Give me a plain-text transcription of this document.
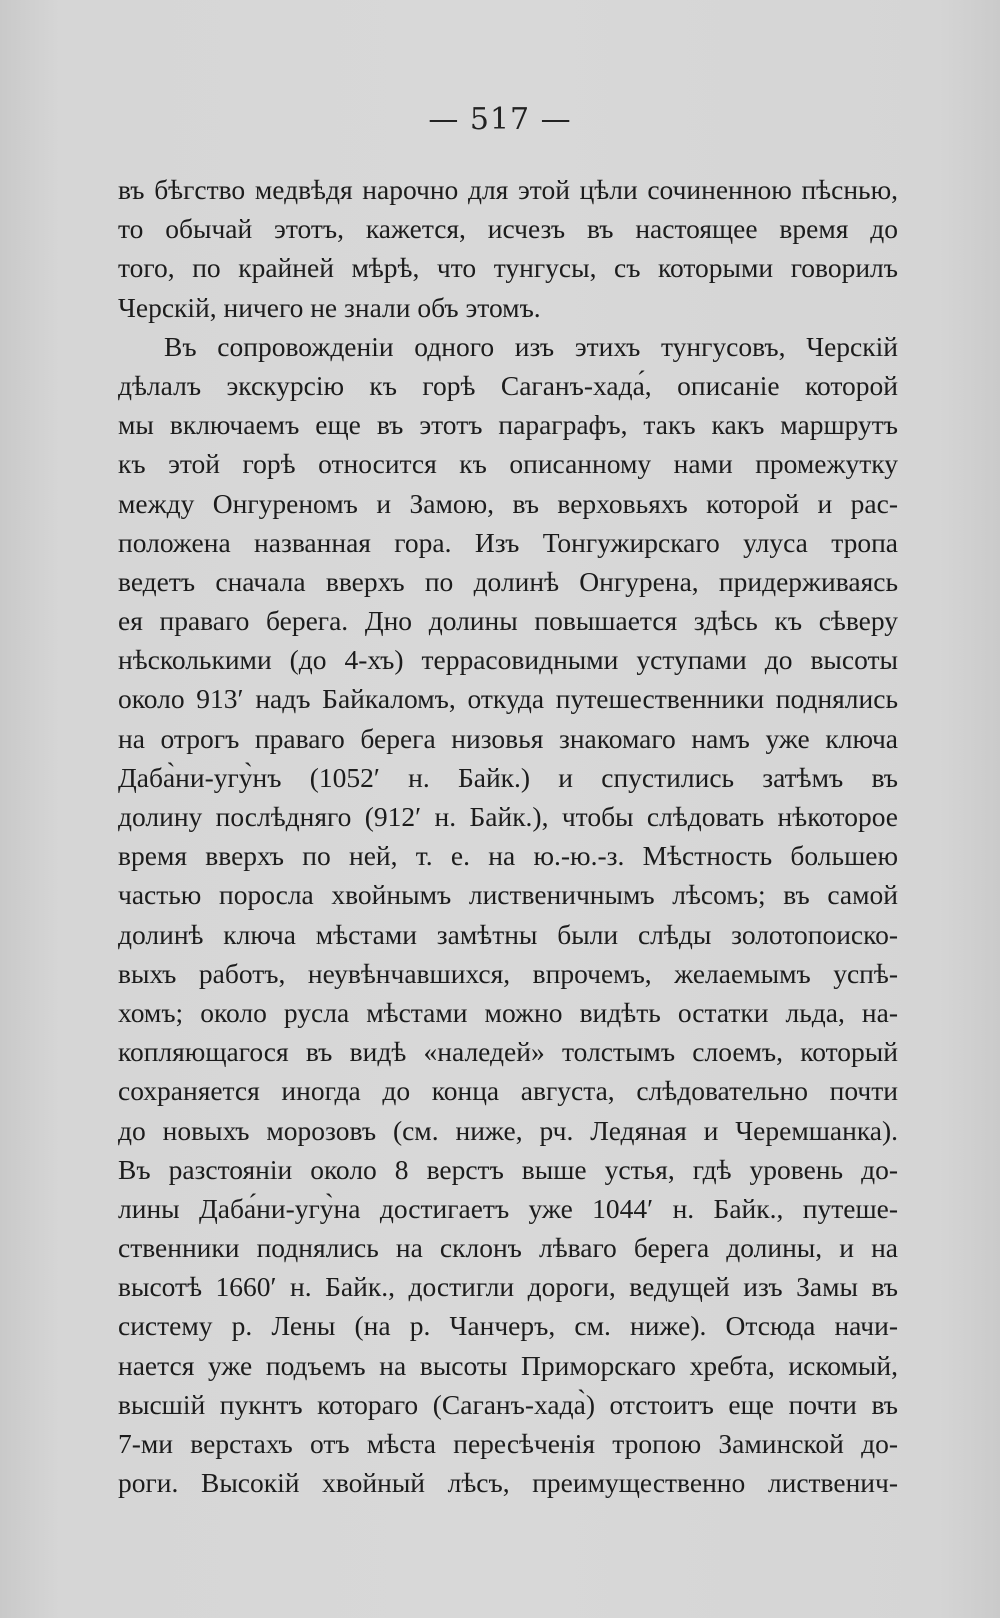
— 517 —
въ бѣгство медвѣдя нарочно для этой цѣли сочиненною пѣснью,
то обычай этотъ, кажется, исчезъ въ настоящее время до
того, по крайней мѣрѣ, что тунгусы, съ которыми говорилъ
Черскій, ничего не знали объ этомъ.
Въ сопровожденіи одного изъ этихъ тунгусовъ, Черскій
дѣлалъ экскурсію къ горѣ Саганъ-хада́, описаніе которой
мы включаемъ еще въ этотъ параграфъ, такъ какъ маршрутъ
къ этой горѣ относится къ описанному нами промежутку
между Онгуреномъ и Замою, въ верховьяхъ которой и рас-
положена названная гора. Изъ Тонгужирскаго улуса тропа
ведетъ сначала вверхъ по долинѣ Онгурена, придерживаясь
ея праваго берега. Дно долины повышается здѣсь къ сѣверу
нѣсколькими (до 4-хъ) террасовидными уступами до высоты
около 913′ надъ Байкаломъ, откуда путешественники поднялись
на отрогъ праваго берега низовья знакомаго намъ уже ключа
Даба̀ни-угу̀нъ (1052′ н. Байк.) и спустились затѣмъ въ
долину послѣдняго (912′ н. Байк.), чтобы слѣдовать нѣкоторое
время вверхъ по ней, т. е. на ю.-ю.-з. Мѣстность большею
частью поросла хвойнымъ лиственичнымъ лѣсомъ; въ самой
долинѣ ключа мѣстами замѣтны были слѣды золотопоиско-
выхъ работъ, неувѣнчавшихся, впрочемъ, желаемымъ успѣ-
хомъ; около русла мѣстами можно видѣть остатки льда, на-
копляющагося въ видѣ «наледей» толстымъ слоемъ, который
сохраняется иногда до конца августа, слѣдовательно почти
до новыхъ морозовъ (см. ниже, рч. Ледяная и Черемшанка).
Въ разстояніи около 8 верстъ выше устья, гдѣ уровень до-
лины Даба́ни-угу̀на достигаетъ уже 1044′ н. Байк., путеше-
ственники поднялись на склонъ лѣваго берега долины, и на
высотѣ 1660′ н. Байк., достигли дороги, ведущей изъ Замы въ
систему р. Лены (на р. Чанчеръ, см. ниже). Отсюда начи-
нается уже подъемъ на высоты Приморскаго хребта, искомый,
высшій пукнтъ котораго (Саганъ-хада̀) отстоитъ еще почти въ
7-ми верстахъ отъ мѣста пересѣченія тропою Заминской до-
роги. Высокій хвойный лѣсъ, преимущественно лиственич-
